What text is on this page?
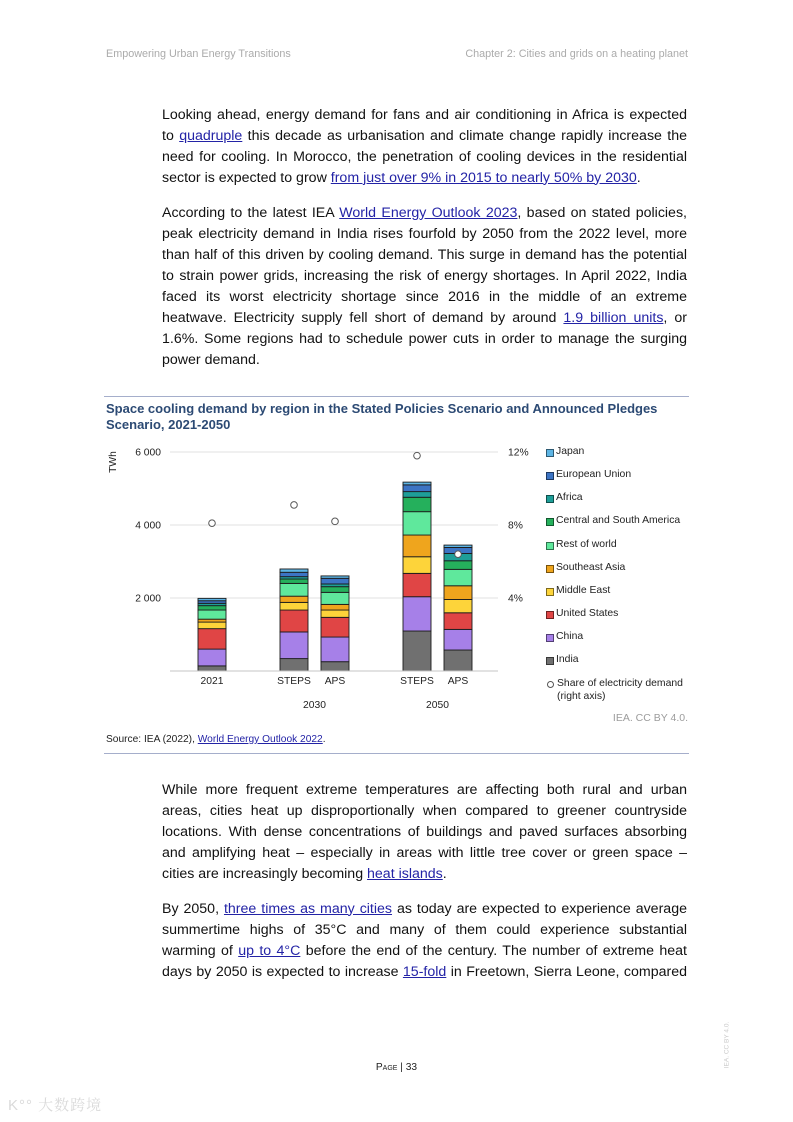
Empowering Urban Energy Transitions	Chapter 2: Cities and grids on a heating planet
Looking ahead, energy demand for fans and air conditioning in Africa is expected
to quadruple this decade as urbanisation and climate change rapidly increase the
need for cooling. In Morocco, the penetration of cooling devices in the residential
sector is expected to grow from just over 9% in 2015 to nearly 50% by 2030.
According to the latest IEA World Energy Outlook 2023, based on stated policies,
peak electricity demand in India rises fourfold by 2050 from the 2022 level, more
than half of this driven by cooling demand. This surge in demand has the potential
to strain power grids, increasing the risk of energy shortages. In April 2022, India
faced its worst electricity shortage since 2016 in the middle of an extreme
heatwave. Electricity supply fell short of demand by around 1.9 billion units, or
1.6%. Some regions had to schedule power cuts in order to manage the surging
power demand.
Space cooling demand by region in the Stated Policies Scenario and Announced Pledges Scenario, 2021-2050
2 000
4 000
6 000
4%
8%
12%
TWh
2021	STEPS APS	STEPS APS
2030	2050
Japan
European Union
Africa
Central and South America
Rest of world
Southeast Asia
Middle East
United States
China
India
Share of electricity demand
(right axis)
IEA. CC BY 4.0.
Source: IEA (2022), World Energy Outlook 2022.
While more frequent extreme temperatures are affecting both rural and urban
areas, cities heat up disproportionally when compared to greener countryside
locations. With dense concentrations of buildings and paved surfaces absorbing
and amplifying heat – especially in areas with little tree cover or green space –
cities are increasingly becoming heat islands.
By 2050, three times as many cities as today are expected to experience average
summertime highs of 35°C and many of them could experience substantial
warming of up to 4°C before the end of the century. The number of extreme heat
days by 2050 is expected to increase 15-fold in Freetown, Sierra Leone, compared
Page | 33	IEA. CC BY 4.0.
K°° 大数跨境
